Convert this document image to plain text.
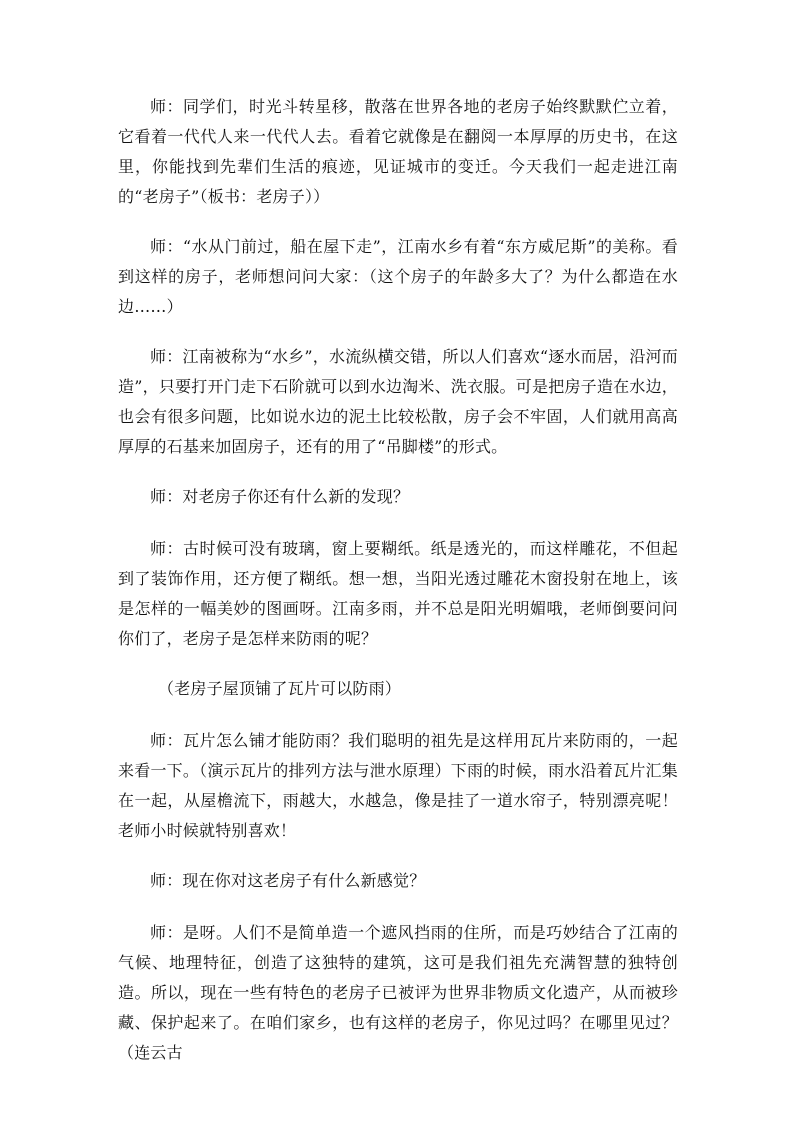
师：同学们，时光斗转星移，散落在世界各地的老房子始终默默伫立着，它看着一代代人来一代代人去。看着它就像是在翻阅一本厚厚的历史书，在这里，你能找到先辈们生活的痕迹，见证城市的变迁。今天我们一起走进江南的“老房子”（板书：老房子））

师：“水从门前过，船在屋下走”，江南水乡有着“东方威尼斯”的美称。看到这样的房子，老师想问问大家：（这个房子的年龄多大了？为什么都造在水边……）

师：江南被称为“水乡”，水流纵横交错，所以人们喜欢“逐水而居，沿河而造”，只要打开门走下石阶就可以到水边淘米、洗衣服。可是把房子造在水边，也会有很多问题，比如说水边的泥土比较松散，房子会不牢固，人们就用高高厚厚的石基来加固房子，还有的用了“吊脚楼”的形式。

师：对老房子你还有什么新的发现？

师：古时候可没有玻璃，窗上要糊纸。纸是透光的，而这样雕花，不但起到了装饰作用，还方便了糊纸。想一想，当阳光透过雕花木窗投射在地上，该是怎样的一幅美妙的图画呀。江南多雨，并不总是阳光明媚哦，老师倒要问问你们了，老房子是怎样来防雨的呢？

（老房子屋顶铺了瓦片可以防雨）

师：瓦片怎么铺才能防雨？我们聪明的祖先是这样用瓦片来防雨的，一起来看一下。（演示瓦片的排列方法与泄水原理）下雨的时候，雨水沿着瓦片汇集在一起，从屋檐流下，雨越大，水越急，像是挂了一道水帘子，特别漂亮呢！老师小时候就特别喜欢！

师：现在你对这老房子有什么新感觉？

师：是呀。人们不是简单造一个遮风挡雨的住所，而是巧妙结合了江南的气候、地理特征，创造了这独特的建筑，这可是我们祖先充满智慧的独特创造。所以，现在一些有特色的老房子已被评为世界非物质文化遗产，从而被珍藏、保护起来了。在咱们家乡，也有这样的老房子，你见过吗？在哪里见过？（连云古
